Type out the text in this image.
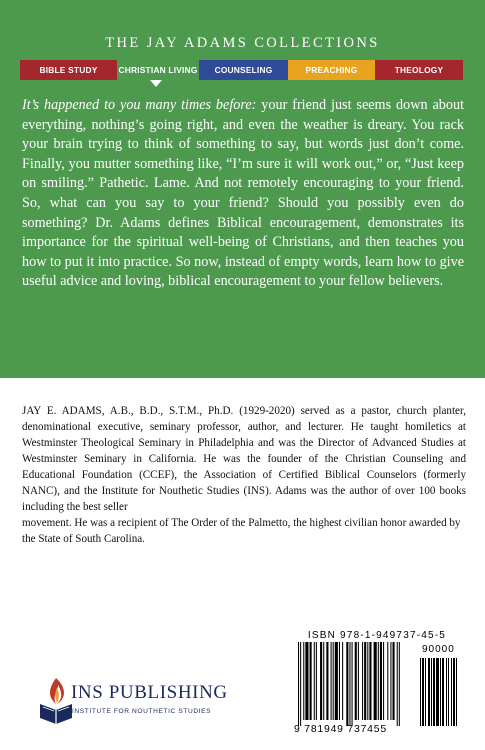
THE JAY ADAMS COLLECTIONS
BIBLE STUDY	CHRISTIAN LIVING	COUNSELING	PREACHING	THEOLOGY

It’s happened to you many times before: your friend just seems down about everything, nothing’s going right, and even the weather is dreary. You rack your brain trying to think of something to say, but words just don’t come. Finally, you mutter something like, “I’m sure it will work out,” or, “Just keep on smiling.” Pathetic. Lame. And not remotely encouraging to your friend. So, what can you say to your friend? Should you possibly even do something? Dr. Adams defines Biblical encouragement, demonstrates its importance for the spiritual well-being of Christians, and then teaches you how to put it into practice. So now, instead of empty words, learn how to give useful advice and loving, biblical encouragement to your fellow believers.

JAY E. ADAMS, A.B., B.D., S.T.M., Ph.D. (1929-2020) served as a pastor, church planter, denominational executive, seminary professor, author, and lecturer. He taught homiletics at Westminster Theological Seminary in Philadelphia and was the Director of Advanced Studies at Westminster Seminary in California. He was the founder of the Christian Counseling and Educational Foundation (CCEF), the Association of Certified Biblical Counselors (formerly NANC), and the Institute for Nouthetic Studies (INS). Adams was the author of over 100 books including the best seller
movement. He was a recipient of The Order of the Palmetto, the highest civilian honor awarded by the State of South Carolina.

INS PUBLISHING
INSTITUTE FOR NOUTHETIC STUDIES
ISBN 978-1-949737-45-5
90000
9 781949 737455
